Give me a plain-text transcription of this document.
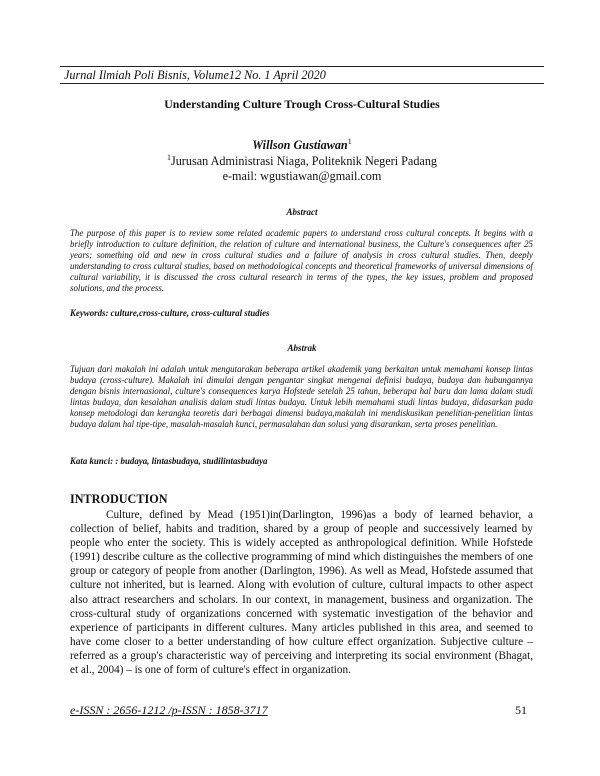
Jurnal Ilmiah Poli Bisnis, Volume12 No. 1 April 2020
Understanding Culture Trough Cross-Cultural Studies
Willson Gustiawan$^1$
$^1$Jurusan Administrasi Niaga, Politeknik Negeri Padang
e-mail: wgustiawan@gmail.com
Abstract
The purpose of this paper is to review some related academic papers to understand cross cultural concepts. It begins with a briefly introduction to culture definition, the relation of culture and international business, the Culture's consequences after 25 years; something old and new in cross cultural studies and a failure of analysis in cross cultural studies. Then, deeply understanding to cross cultural studies, based on methodological concepts and theoretical frameworks of universal dimensions of cultural variability, it is discussed the cross cultural research in terms of the types, the key issues, problem and proposed solutions, and the process.
Keywords: culture,cross-culture, cross-cultural studies
Abstrak
Tujuan dari makalah ini adalah untuk mengutarakan beberapa artikel akademik yang berkaitan untuk memahami konsep lintas budaya (cross-culture). Makalah ini dimulai dengan pengantar singkat mengenai definisi budaya, budaya dan hubungannya dengan bisnis internasional, culture's consequences karya Hofstede setelah 25 tahun, beberapa hal baru dan lama dalam studi lintas budaya, dan kesalahan analisis dalam studi lintas budaya. Untuk lebih memahami studi lintas budaya, didasarkan pada konsep metodologi dan kerangka teoretis dari berbagai dimensi budaya,makalah ini mendiskusikan penelitian-penelitian lintas budaya dalam hal tipe-tipe, masalah-masalah kunci, permasalahan dan solusi yang disarankan, serta proses penelitian.
Kata kunci: : budaya, lintasbudaya, studilintasbudaya
INTRODUCTION
Culture, defined by Mead (1951)in(Darlington, 1996)as a body of learned behavior, a collection of belief, habits and tradition, shared by a group of people and successively learned by people who enter the society. This is widely accepted as anthropological definition. While Hofstede (1991) describe culture as the collective programming of mind which distinguishes the members of one group or category of people from another (Darlington, 1996). As well as Mead, Hofstede assumed that culture not inherited, but is learned. Along with evolution of culture, cultural impacts to other aspect also attract researchers and scholars. In our context, in management, business and organization. The cross-cultural study of organizations concerned with systematic investigation of the behavior and experience of participants in different cultures. Many articles published in this area, and seemed to have come closer to a better understanding of how culture effect organization. Subjective culture – referred as a group's characteristic way of perceiving and interpreting its social environment (Bhagat, et al., 2004) – is one of form of culture's effect in organization.
e-ISSN : 2656-1212 /p-ISSN : 1858-3717	51
